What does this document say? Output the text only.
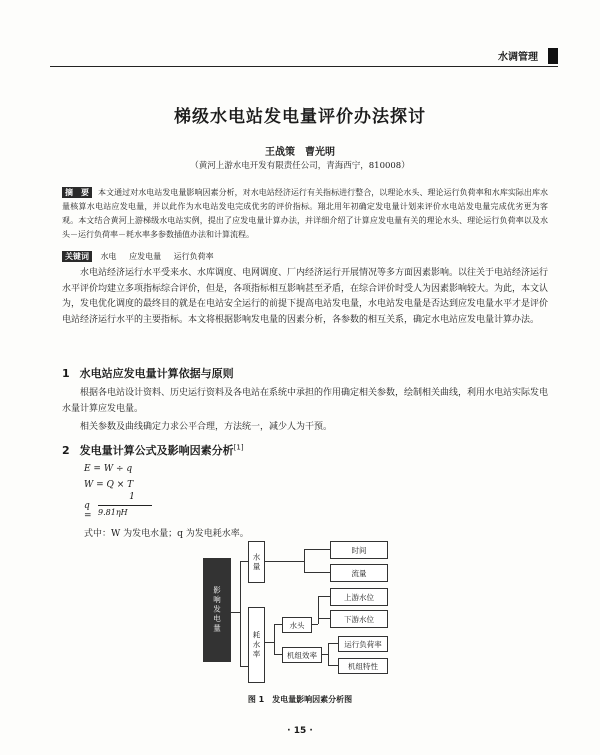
水调管理
梯级水电站发电量评价办法探讨
王战策　曹光明
（黄河上游水电开发有限责任公司，青海西宁，810008）
摘　要 本文通过对水电站发电量影响因素分析，对水电站经济运行有关指标进行整合，以理论水头、理论运行负荷率和水库实际出库水量核算水电站应发电量，并以此作为水电站发电完成优劣的评价指标。翔北用年初确定发电量计划来评价水电站发电量完成优劣更为客观。本文结合黄河上游梯级水电站实例，提出了应发电量计算办法，并详细介绍了计算应发电量有关的理论水头、理论运行负荷率以及水头－运行负荷率－耗水率多参数插值办法和计算流程。
关键词 水电 应发电量 运行负荷率
水电站经济运行水平受来水、水库调度、电网调度、厂内经济运行开展情况等多方面因素影响。以往关于电站经济运行水平评价均建立多项指标综合评价，但是，各项指标相互影响甚至矛盾，在综合评价时受人为因素影响较大。为此，本文认为，发电优化调度的最终目的就是在电站安全运行的前提下提高电站发电量，水电站发电量是否达到应发电量水平才是评价电站经济运行水平的主要指标。本文将根据影响发电量的因素分析，各参数的相互关系，确定水电站应发电量计算办法。
1 水电站应发电量计算依据与原则
根据各电站设计资料、历史运行资料及各电站在系统中承担的作用确定相关参数，绘制相关曲线，利用水电站实际发电水量计算应发电量。
相关参数及曲线确定力求公平合理，方法统一，减少人为干预。
2 发电量计算公式及影响因素分析[1]
E = W ÷ q
W = Q × T
q =
1
9.81ηH
式中：W 为发电水量；q 为发电耗水率。
影响发电量
水量
耗水率
时间
流量
上游水位
下游水位
水头
机组效率
运行负荷率
机组特性
图 1 发电量影响因素分析图
· 15 ·
